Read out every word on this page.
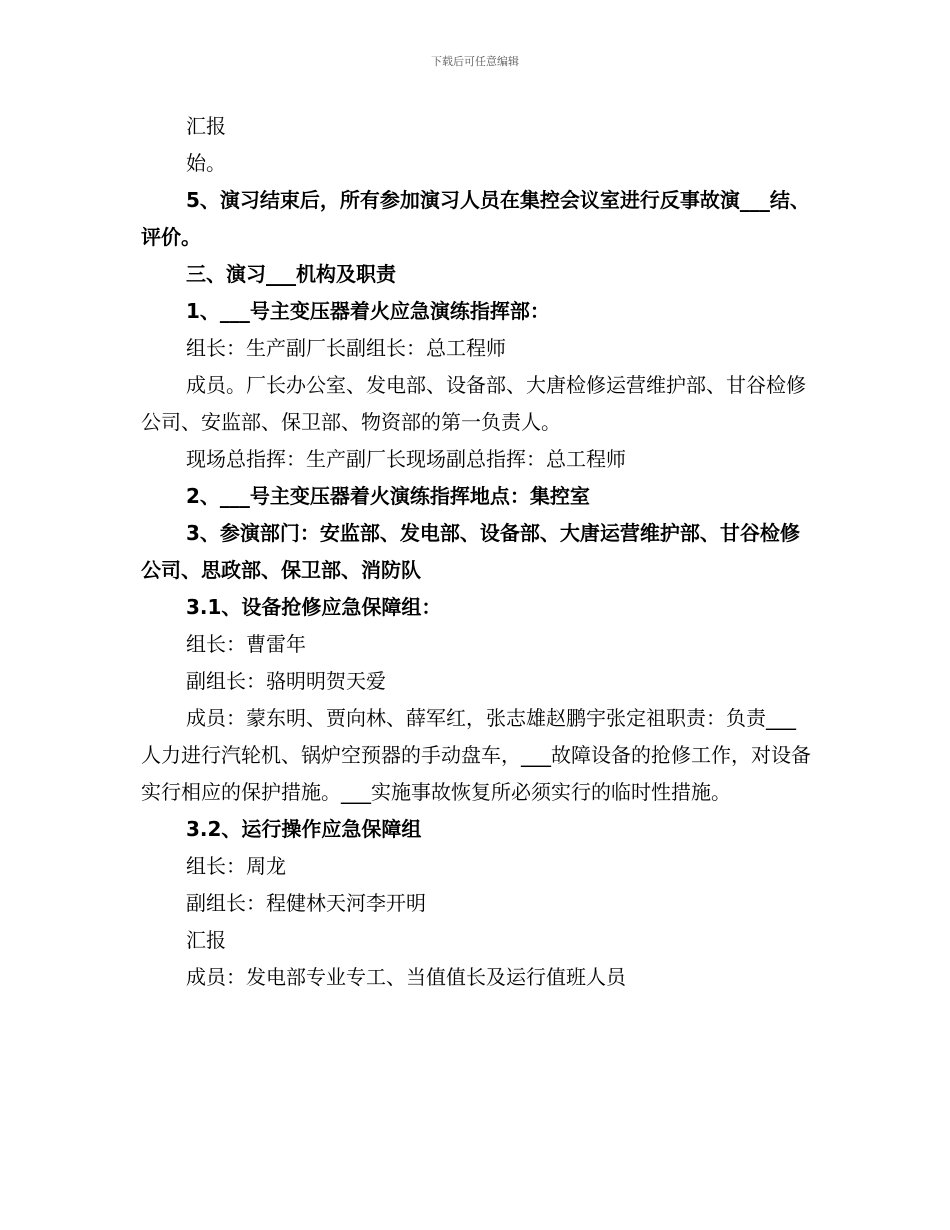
下载后可任意编辑

汇报

始。

5、演习结束后，所有参加演习人员在集控会议室进行反事故演___结、评价。

三、演习___机构及职责

1、___号主变压器着火应急演练指挥部：

组长：生产副厂长副组长：总工程师

成员。厂长办公室、发电部、设备部、大唐检修运营维护部、甘谷检修公司、安监部、保卫部、物资部的第一负责人。

现场总指挥：生产副厂长现场副总指挥：总工程师

2、___号主变压器着火演练指挥地点：集控室

3、参演部门：安监部、发电部、设备部、大唐运营维护部、甘谷检修公司、思政部、保卫部、消防队

3.1、设备抢修应急保障组：

组长：曹雷年

副组长：骆明明贺天爱

成员：蒙东明、贾向林、薛军红，张志雄赵鹏宇张定祖职责：负责___人力进行汽轮机、锅炉空预器的手动盘车，___故障设备的抢修工作，对设备实行相应的保护措施。___实施事故恢复所必须实行的临时性措施。

3.2、运行操作应急保障组

组长：周龙

副组长：程健林天河李开明

汇报

成员：发电部专业专工、当值值长及运行值班人员
